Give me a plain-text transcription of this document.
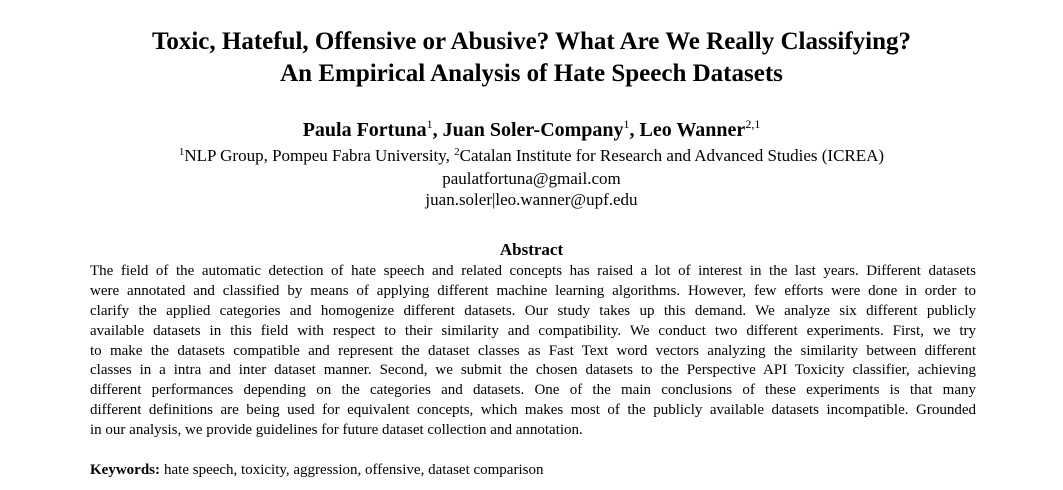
Toxic, Hateful, Offensive or Abusive? What Are We Really Classifying?
An Empirical Analysis of Hate Speech Datasets
Paula Fortuna$^1$, Juan Soler-Company$^1$, Leo Wanner$^{2,1}$
$^1$NLP Group, Pompeu Fabra University, $^2$Catalan Institute for Research and Advanced Studies (ICREA)
paulatfortuna@gmail.com
juan.soler|leo.wanner@upf.edu
Abstract
The field of the automatic detection of hate speech and related concepts has raised a lot of interest in the last years. Different datasets
were annotated and classified by means of applying different machine learning algorithms. However, few efforts were done in order to
clarify the applied categories and homogenize different datasets. Our study takes up this demand. We analyze six different publicly
available datasets in this field with respect to their similarity and compatibility. We conduct two different experiments. First, we try
to make the datasets compatible and represent the dataset classes as Fast Text word vectors analyzing the similarity between different
classes in a intra and inter dataset manner. Second, we submit the chosen datasets to the Perspective API Toxicity classifier, achieving
different performances depending on the categories and datasets. One of the main conclusions of these experiments is that many
different definitions are being used for equivalent concepts, which makes most of the publicly available datasets incompatible. Grounded
in our analysis, we provide guidelines for future dataset collection and annotation.
Keywords: hate speech, toxicity, aggression, offensive, dataset comparison
